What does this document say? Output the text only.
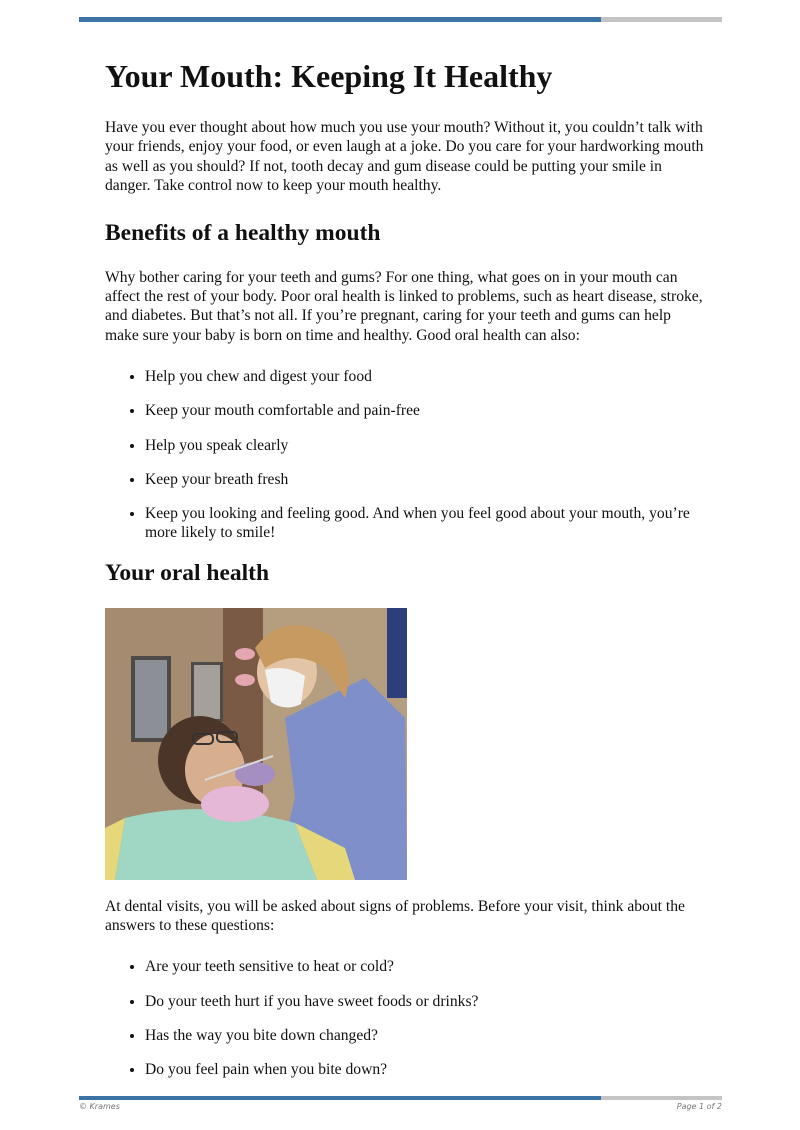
Your Mouth: Keeping It Healthy

Have you ever thought about how much you use your mouth? Without it, you couldn’t talk with your friends, enjoy your food, or even laugh at a joke. Do you care for your hardworking mouth as well as you should? If not, tooth decay and gum disease could be putting your smile in danger. Take control now to keep your mouth healthy.

Benefits of a healthy mouth

Why bother caring for your teeth and gums? For one thing, what goes on in your mouth can affect the rest of your body. Poor oral health is linked to problems, such as heart disease, stroke, and diabetes. But that’s not all. If you’re pregnant, caring for your teeth and gums can help make sure your baby is born on time and healthy. Good oral health can also:

• Help you chew and digest your food
• Keep your mouth comfortable and pain-free
• Help you speak clearly
• Keep your breath fresh
• Keep you looking and feeling good. And when you feel good about your mouth, you’re more likely to smile!
Your oral health

At dental visits, you will be asked about signs of problems. Before your visit, think about the answers to these questions:

• Are your teeth sensitive to heat or cold?
• Do your teeth hurt if you have sweet foods or drinks?
• Has the way you bite down changed?
• Do you feel pain when you bite down?
© Krames	Page 1 of 2
